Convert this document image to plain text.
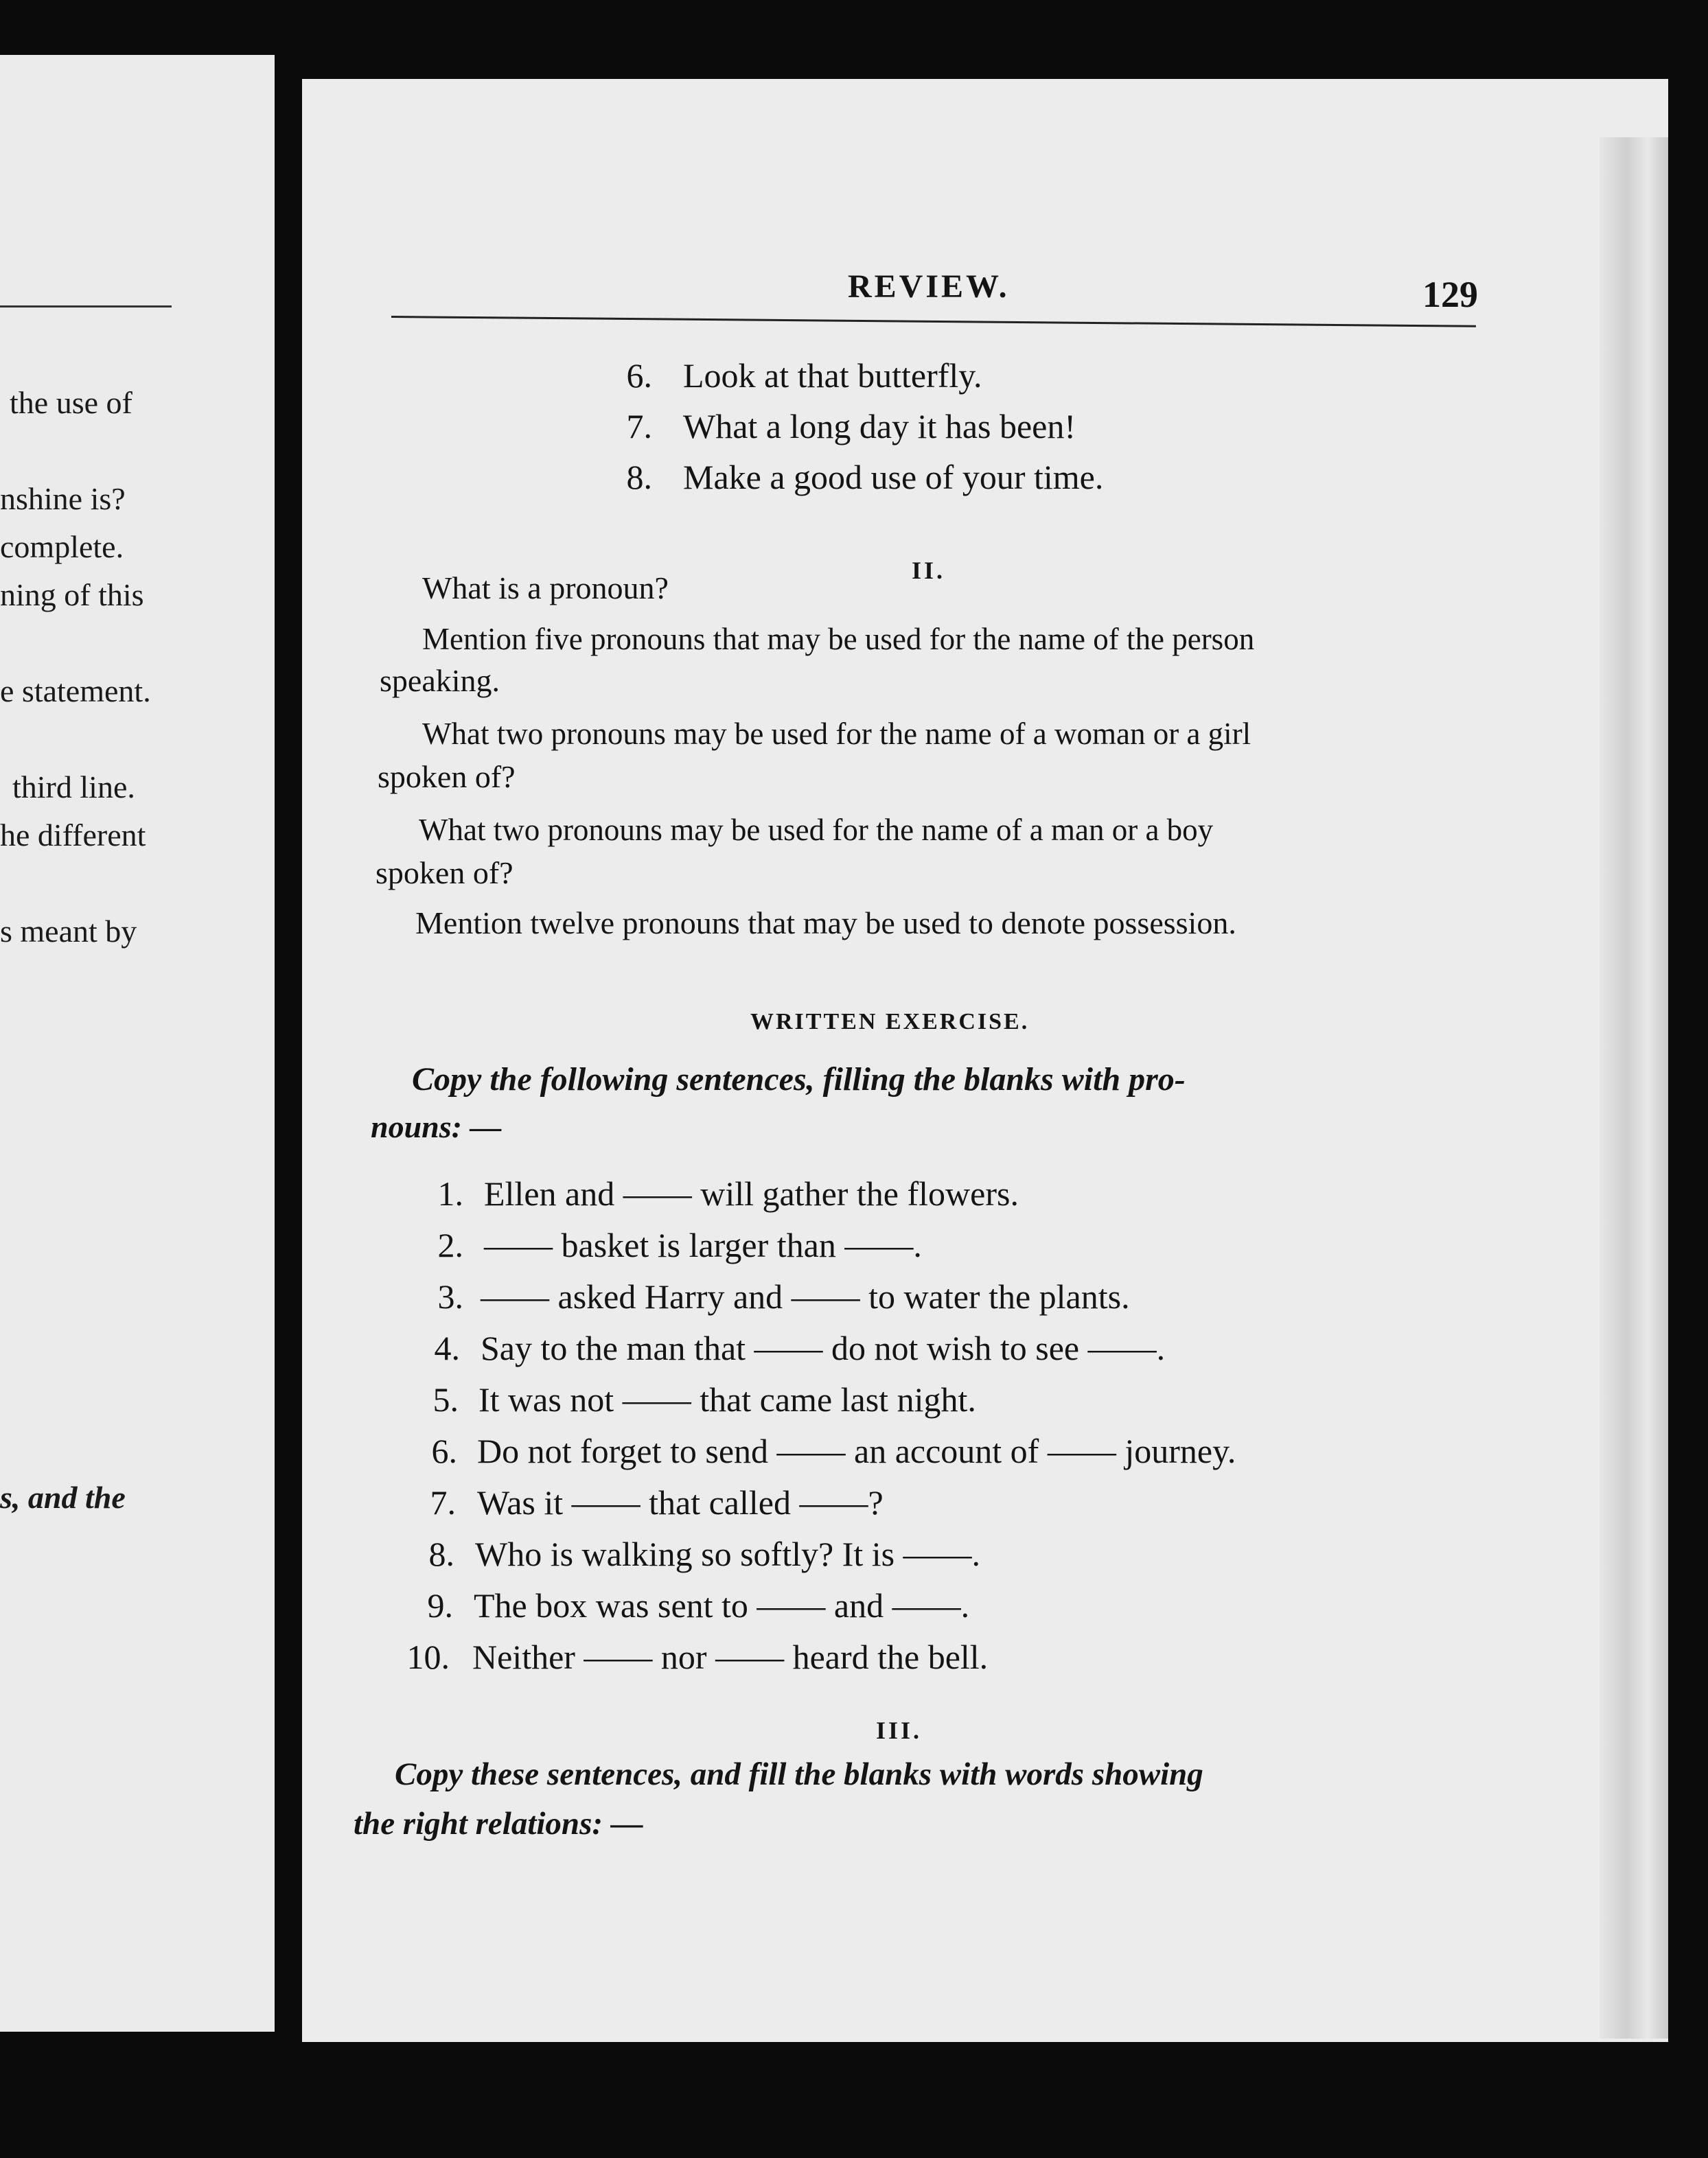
the use of
nshine is?
complete.
ning of this
e statement.
third line.
he different
s meant by
s, and the
REVIEW.	129
6. Look at that butterfly.
7. What a long day it has been!
8. Make a good use of your time.
II.
What is a pronoun?
Mention five pronouns that may be used for the name of the person
speaking.
What two pronouns may be used for the name of a woman or a girl
spoken of?
What two pronouns may be used for the name of a man or a boy
spoken of?
Mention twelve pronouns that may be used to denote possession.
WRITTEN EXERCISE.
Copy the following sentences, filling the blanks with pro-
nouns: —
1. Ellen and —— will gather the flowers.
2. —— basket is larger than ——.
3. —— asked Harry and —— to water the plants.
4. Say to the man that —— do not wish to see ——.
5. It was not —— that came last night.
6. Do not forget to send —— an account of —— journey.
7. Was it —— that called ——?
8. Who is walking so softly? It is ——.
9. The box was sent to —— and ——.
10. Neither —— nor —— heard the bell.
III.
Copy these sentences, and fill the blanks with words showing
the right relations: —
